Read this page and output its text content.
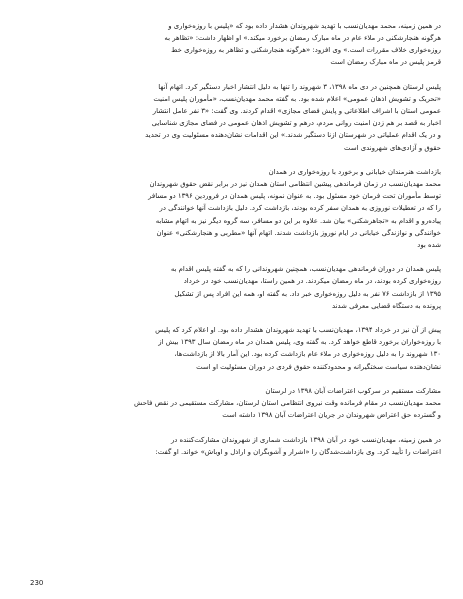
در همین زمینه، محمد مهدیان‌نسب با تهدید شهروندان هشدار داده بود که «پلیس با روزه‌خواری و
هرگونه هنجارشکنی در ملاء عام در ماه مبارک رمضان برخورد میکند.» او اظهار داشت: «تظاهر به
روزه‌خواری خلاف مقررات است.» وی افزود: «هرگونه هنجارشکنی و تظاهر به روزه‌خواری خط
قرمز پلیس در ماه مبارک رمضان است
پلیس لرستان همچنین در دی ماه ۱۳۹۸، ۳ شهروند را تنها به دلیل انتشار اخبار دستگیر کرد. اتهام آنها
«تحریک و تشویش اذهان عمومی» اعلام شده بود. به گفته محمد مهدیان‌نسب، «مأموران پلیس امنیت
عمومی استان با اشراف اطلاعاتی و پایش فضای مجازی» اقدام کردند. وی گفت: «۳ نفر عامل انتشار
اخبار به قصد بر هم زدن امنیت روانی مردم، درهم و تشویش اذهان عمومی در فضای مجازی شناسایی
و در یک اقدام عملیاتی در شهرستان ازنا دستگیر شدند.» این اقدامات نشان‌دهنده مسئولیت وی در تحدید
حقوق و آزادی‌های شهروندی است
بازداشت هنرمندان خیابانی و برخورد با روزه‌خواری در همدان
محمد مهدیان‌نسب در زمان فرماندهی پیشین انتظامی استان همدان نیز در برابر نقض حقوق شهروندان
توسط مأموران تحت فرمان خود مسئول بود. به عنوان نمونه، پلیس همدان در فروردین ۱۳۹۶ دو مسافر
را که در تعطیلات نوروزی به همدان سفر کرده بودند، بازداشت کرد. دلیل بازداشت آنها خوانندگی در
پیاده‌رو و اقدام به «تجاهرشکنی» بیان شد. علاوه بر این دو مسافر، سه گروه دیگر نیز به اتهام مشابه
خوانندگی و نوازندگی خیابانی در ایام نوروز بازداشت شدند. اتهام آنها «مطربی و هنجارشکنی» عنوان
شده بود
پلیس همدان در دوران فرماندهی مهدیان‌نسب، همچنین شهروندانی را که به گفته پلیس اقدام به
روزه‌خواری کرده بودند، در ماه رمضان میکردند. در همین راستا، مهدیان‌نسب خود در خرداد
۱۳۹۵ از بازداشت ۷۶ نفر به دلیل روزه‌خواری خبر داد. به گفته او، همه این افراد پس از تشکیل
پرونده به دستگاه قضایی معرفی شدند
پیش از آن نیز در خرداد ۱۳۹۴، مهدیان‌نسب با تهدید شهروندان هشدار داده بود. او اعلام کرد که پلیس
با روزه‌خواران برخورد قاطع خواهد کرد. به گفته وی، پلیس همدان در ماه رمضان سال ۱۳۹۳ بیش از
۱۳۰ شهروند را به دلیل روزه‌خواری در ملاء عام بازداشت کرده بود. این آمار بالا از بازداشت‌ها،
نشان‌دهنده سیاست سختگیرانه و محدودکننده حقوق فردی در دوران مسئولیت او است
مشارکت مستقیم در سرکوب اعتراضات آبان ۱۳۹۸ در لرستان
محمد مهدیان‌نسب در مقام فرمانده وقت نیروی انتظامی استان لرستان، مشارکت مستقیمی در نقض فاحش
و گسترده حق اعتراض شهروندان در جریان اعتراضات آبان ۱۳۹۸ داشته است
در همین زمینه، مهدیان‌نسب خود در آبان ۱۳۹۸ بازداشت شماری از شهروندان مشارکت‌کننده در
اعتراضات را تأیید کرد. وی بازداشت‌شدگان را «اشرار و آشوبگران و اراذل و اوباش» خواند. او گفت:
230
